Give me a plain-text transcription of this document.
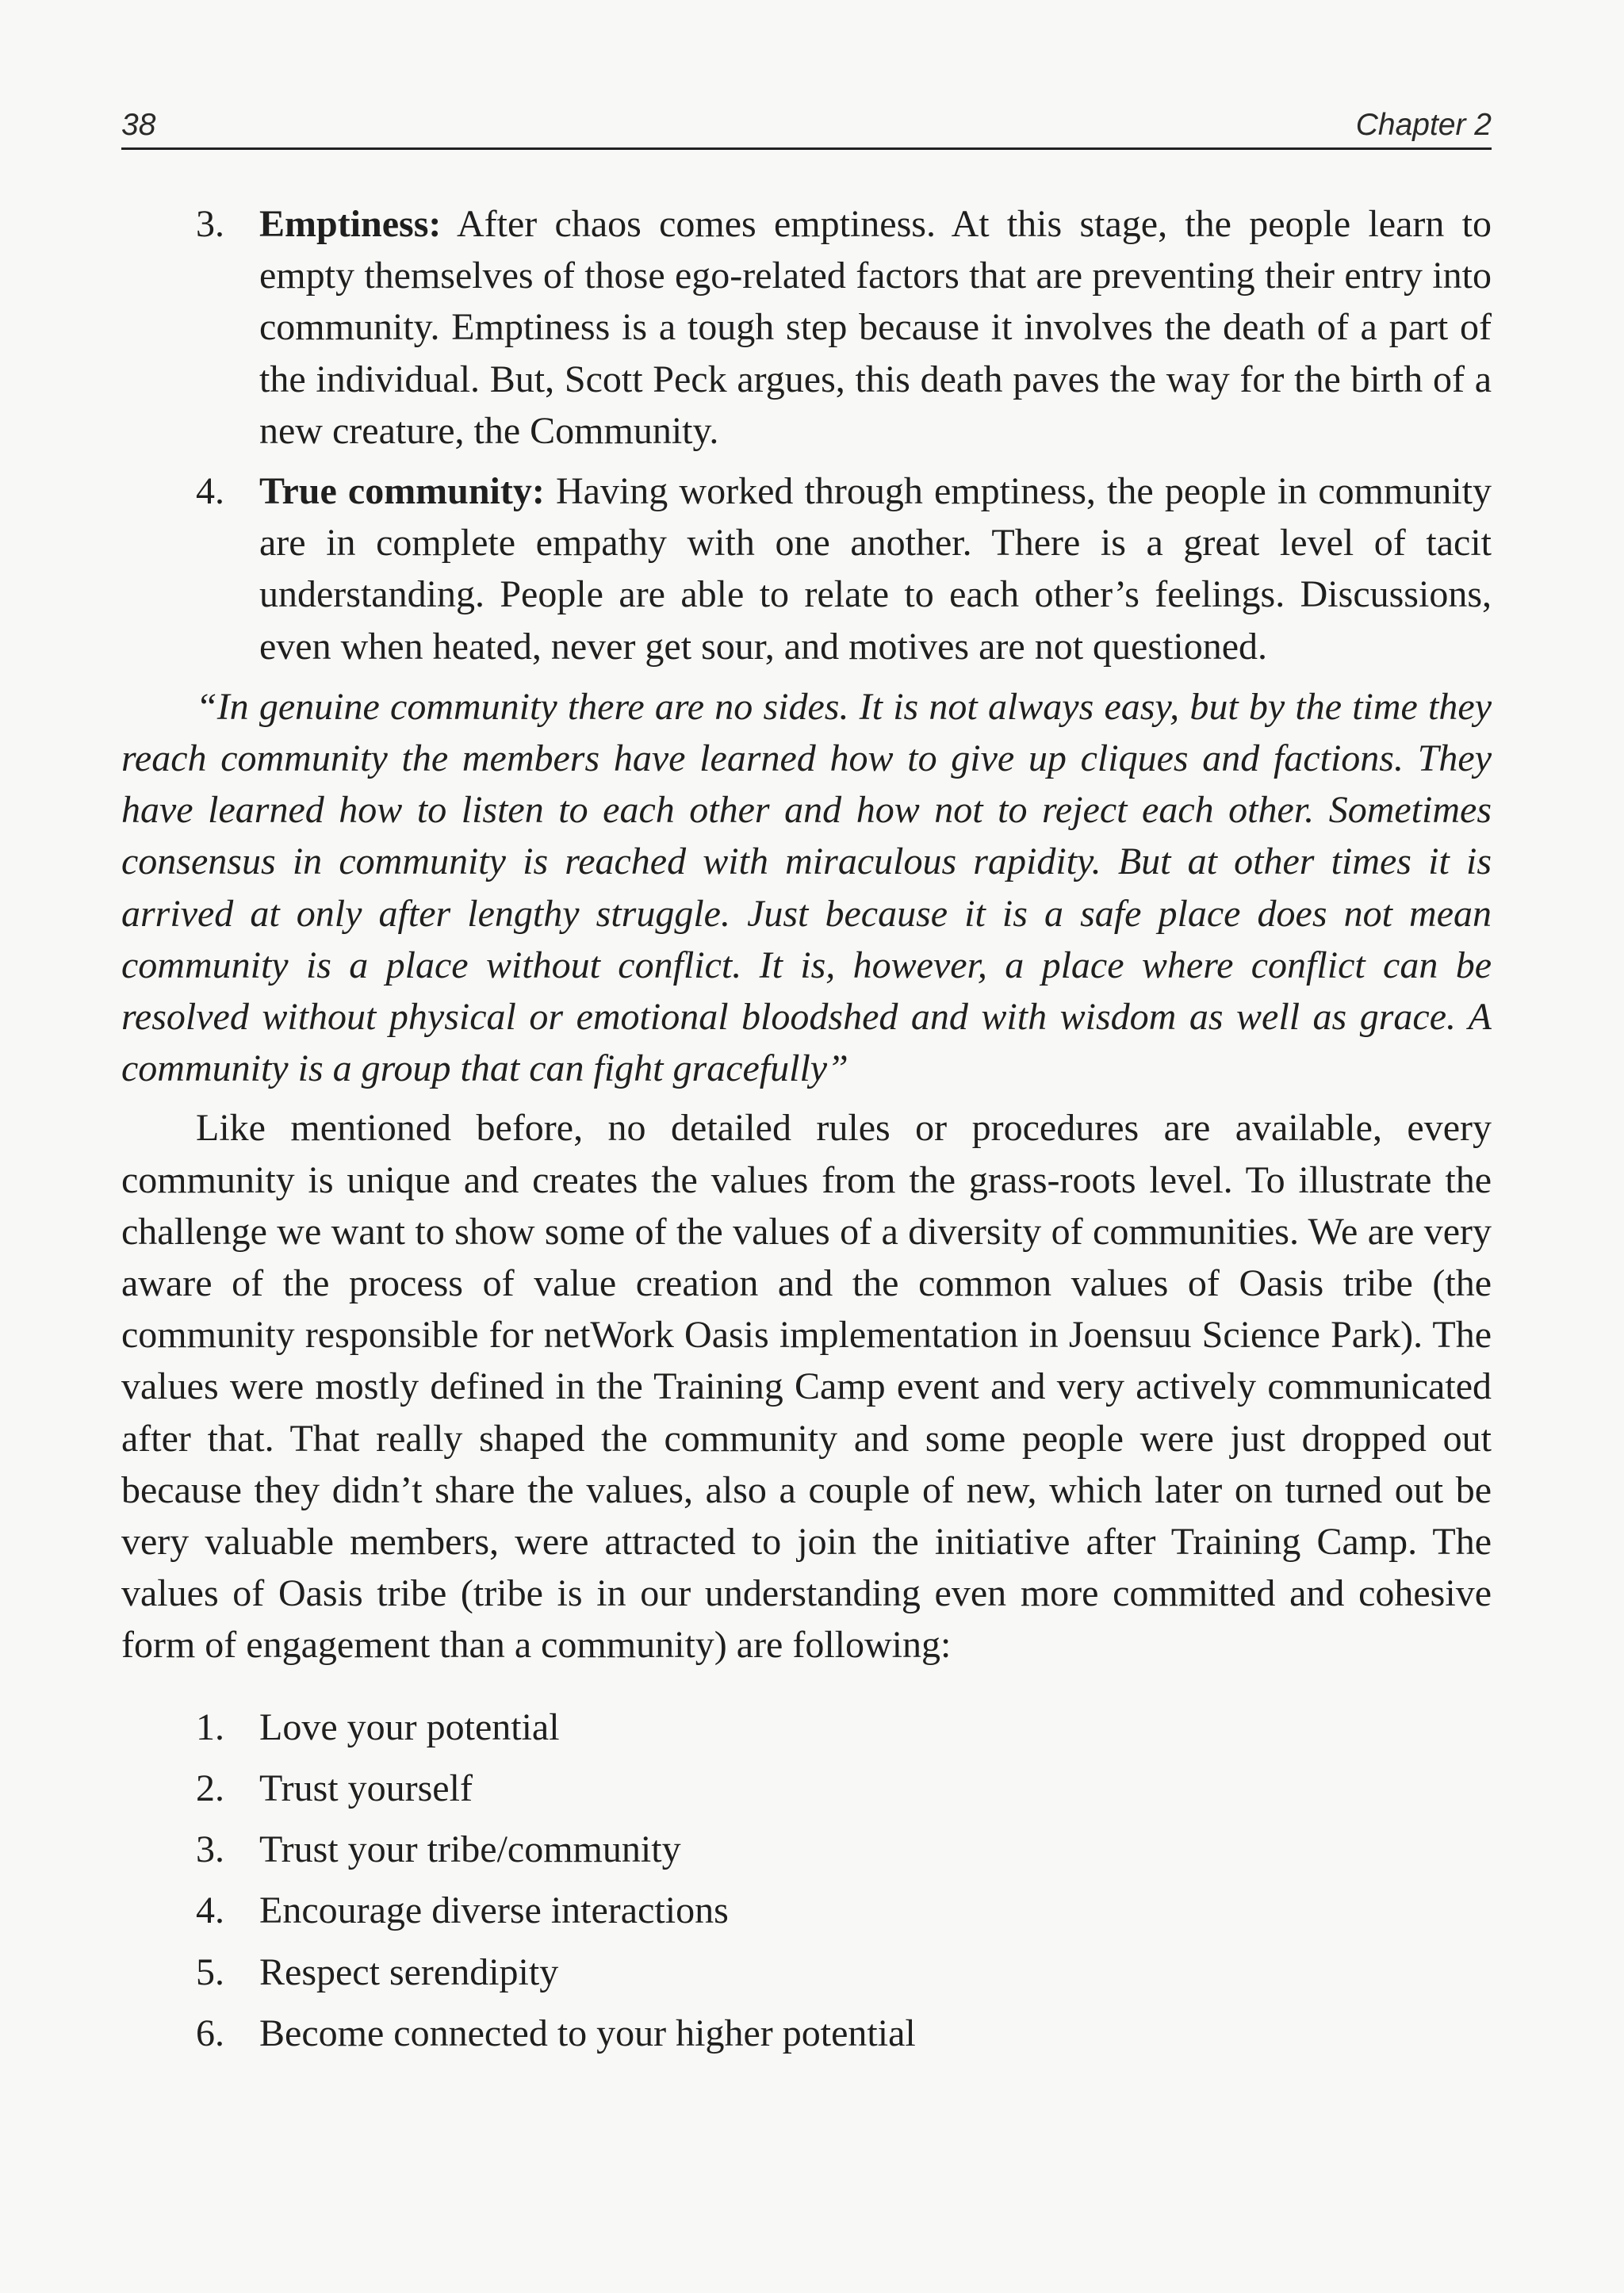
38	Chapter 2
3. Emptiness: After chaos comes emptiness. At this stage, the people learn to empty themselves of those ego-related factors that are preventing their entry into community. Emptiness is a tough step because it involves the death of a part of the individual. But, Scott Peck argues, this death paves the way for the birth of a new creature, the Community.
4. True community: Having worked through emptiness, the people in community are in complete empathy with one another. There is a great level of tacit understanding. People are able to relate to each other’s feelings. Discussions, even when heated, never get sour, and motives are not questioned.

“In genuine community there are no sides. It is not always easy, but by the time they reach community the members have learned how to give up cliques and factions. They have learned how to listen to each other and how not to reject each other. Sometimes consensus in community is reached with miraculous rapidity. But at other times it is arrived at only after lengthy struggle. Just because it is a safe place does not mean community is a place without conflict. It is, however, a place where conflict can be resolved without physical or emotional bloodshed and with wisdom as well as grace. A community is a group that can fight gracefully”

Like mentioned before, no detailed rules or procedures are available, every community is unique and creates the values from the grass-roots level. To illustrate the challenge we want to show some of the values of a diversity of communities. We are very aware of the process of value creation and the common values of Oasis tribe (the community responsible for netWork Oasis implementation in Joensuu Science Park). The values were mostly defined in the Training Camp event and very actively communicated after that. That really shaped the community and some people were just dropped out because they didn’t share the values, also a couple of new, which later on turned out be very valuable members, were attracted to join the initiative after Training Camp. The values of Oasis tribe (tribe is in our understanding even more committed and cohesive form of engagement than a community) are following:

1. Love your potential
2. Trust yourself
3. Trust your tribe/community
4. Encourage diverse interactions
5. Respect serendipity
6. Become connected to your higher potential
